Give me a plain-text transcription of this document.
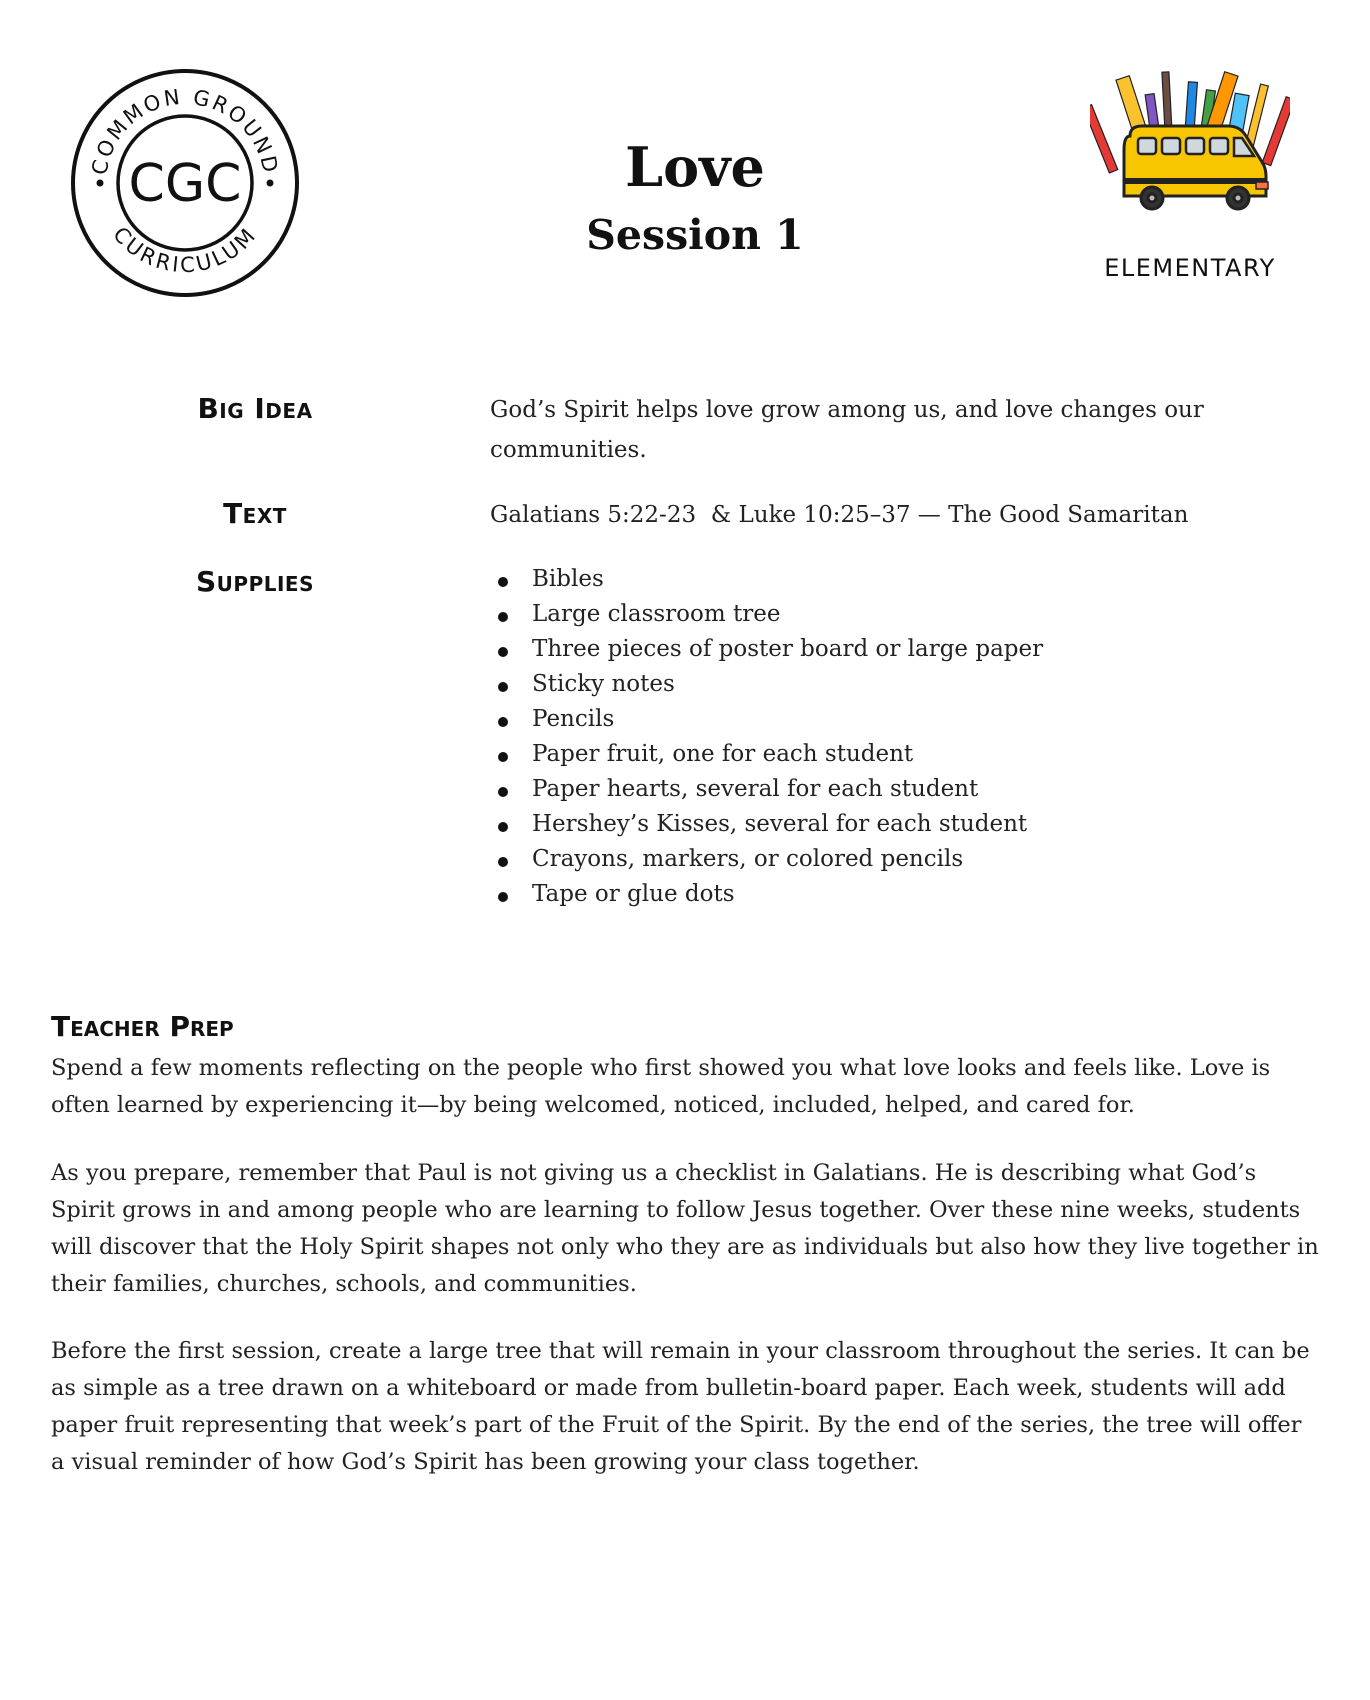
COMMON GROUND
CURRICULUM
CGC	Love
Session 1
ELEMENTARY
Big Idea	God’s Spirit helps love grow among us, and love changes our communities.
Text	Galatians 5:22-23  & Luke 10:25–37 — The Good Samaritan
Supplies	Bibles
Large classroom tree
Three pieces of poster board or large paper
Sticky notes
Pencils
Paper fruit, one for each student
Paper hearts, several for each student
Hershey’s Kisses, several for each student
Crayons, markers, or colored pencils
Tape or glue dots
Teacher Prep

Spend a few moments reflecting on the people who first showed you what love looks and feels like. Love is often learned by experiencing it—by being welcomed, noticed, included, helped, and cared for.

As you prepare, remember that Paul is not giving us a checklist in Galatians. He is describing what God’s Spirit grows in and among people who are learning to follow Jesus together. Over these nine weeks, students will discover that the Holy Spirit shapes not only who they are as individuals but also how they live together in their families, churches, schools, and communities.

Before the first session, create a large tree that will remain in your classroom throughout the series. It can be as simple as a tree drawn on a whiteboard or made from bulletin-board paper. Each week, students will add paper fruit representing that week’s part of the Fruit of the Spirit. By the end of the series, the tree will offer a visual reminder of how God’s Spirit has been growing your class together.
